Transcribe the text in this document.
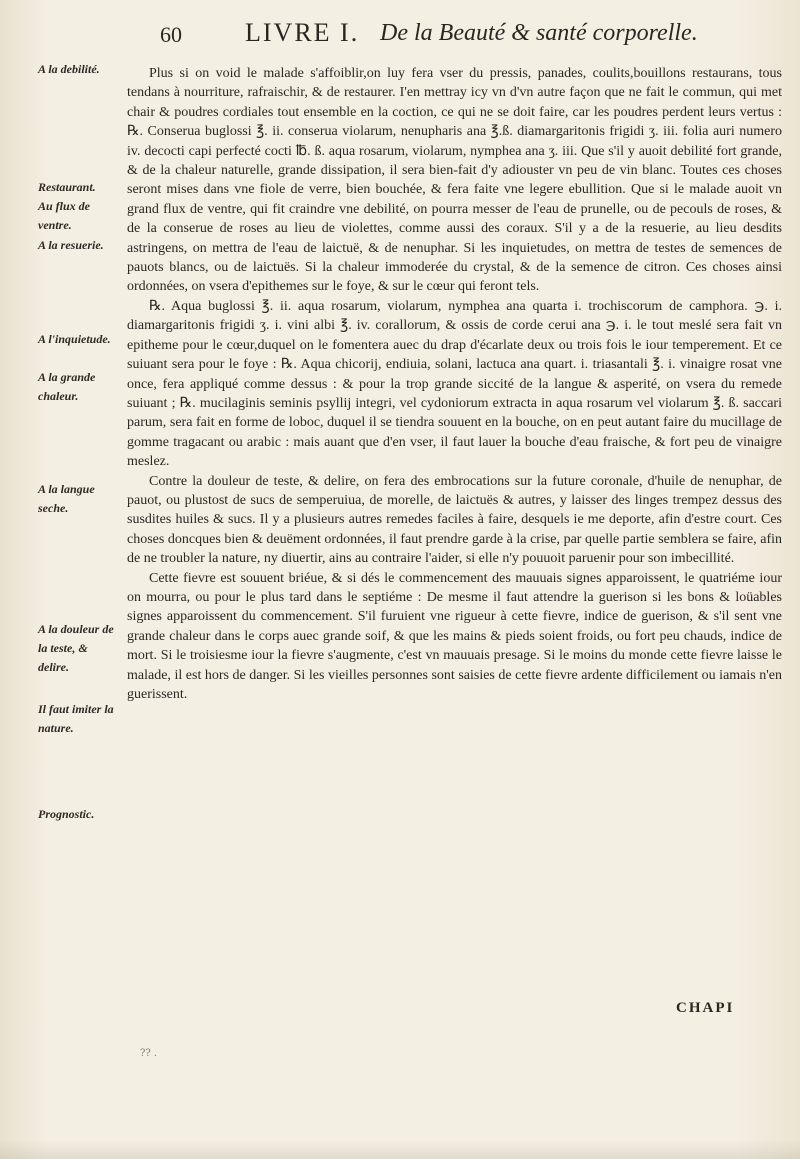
60 LIVRE I. De la Beauté & santé corporelle.
A la debilité.
Restaurant.
Au flux de ventre.
A la resuerie.
A l'inquietude.
A la grande chaleur.
A la langue seche.
A la douleur de la teste, & delire.
Il faut imiter la nature.
Prognostic.

Plus si on void le malade s'affoiblir,on luy fera vser du pressis, panades, coulits,bouillons restaurans, tous tendans à nourriture, rafraischir, & de restaurer. I'en mettray icy vn d'vn autre façon que ne fait le commun, qui met chair & poudres cordiales tout ensemble en la coction, ce qui ne se doit faire, car les poudres perdent leurs vertus : ℞. Conserua buglossi ℥. ii. conserua violarum, nenupharis ana ℥.ß. diamargaritonis frigidi ʒ. iii. folia auri numero iv. decocti capi perfecté cocti ℔. ß. aqua rosarum, violarum, nymphea ana ʒ. iii. Que s'il y auoit debilité fort grande, & de la chaleur naturelle, grande dissipation, il sera bien-fait d'y adiouster vn peu de vin blanc. Toutes ces choses seront mises dans vne fiole de verre, bien bouchée, & fera faite vne legere ebullition. Que si le malade auoit vn grand flux de ventre, qui fit craindre vne debilité, on pourra messer de l'eau de prunelle, ou de pecouls de roses, & de la conserue de roses au lieu de violettes, comme aussi des coraux. S'il y a de la resuerie, au lieu desdits astringens, on mettra de l'eau de laictuë, & de nenuphar. Si les inquietudes, on mettra de testes de semences de pauots blancs, ou de laictuës. Si la chaleur immoderée du crystal, & de la semence de citron. Ces choses ainsi ordonnées, on vsera d'epithemes sur le foye, & sur le cœur qui feront tels.

℞. Aqua buglossi ℥. ii. aqua rosarum, violarum, nymphea ana quarta i. trochiscorum de camphora. ℈. i. diamargaritonis frigidi ʒ. i. vini albi ℥. iv. corallorum, & ossis de corde cerui ana ℈. i. le tout meslé sera fait vn epitheme pour le cœur,duquel on le fomentera auec du drap d'écarlate deux ou trois fois le iour temperement. Et ce suiuant sera pour le foye : ℞. Aqua chicorij, endiuia, solani, lactuca ana quart. i. triasantali ℥. i. vinaigre rosat vne once, fera appliqué comme dessus : & pour la trop grande siccité de la langue & asperité, on vsera du remede suiuant ; ℞. mucilaginis seminis psyllij integri, vel cydoniorum extracta in aqua rosarum vel violarum ℥. ß. saccari parum, sera fait en forme de loboc, duquel il se tiendra souuent en la bouche, on en peut autant faire du mucillage de gomme tragacant ou arabic : mais auant que d'en vser, il faut lauer la bouche d'eau fraische, & fort peu de vinaigre meslez.

Contre la douleur de teste, & delire, on fera des embrocations sur la future coronale, d'huile de nenuphar, de pauot, ou plustost de sucs de semperuiua, de morelle, de laictuës & autres, y laisser des linges trempez dessus des susdites huiles & sucs. Il y a plusieurs autres remedes faciles à faire, desquels ie me deporte, afin d'estre court. Ces choses doncques bien & deuëment ordonnées, il faut prendre garde à la crise, par quelle partie semblera se faire, afin de ne troubler la nature, ny diuertir, ains au contraire l'aider, si elle n'y pouuoit paruenir pour son imbecillité.

Cette fievre est souuent briéue, & si dés le commencement des mauuais signes apparoissent, le quatriéme iour on mourra, ou pour le plus tard dans le septiéme : De mesme il faut attendre la guerison si les bons & loüables signes apparoissent du commencement. S'il furuient vne rigueur à cette fievre, indice de guerison, & s'il sent vne grande chaleur dans le corps auec grande soif, & que les mains & pieds soient froids, ou fort peu chauds, indice de mort. Si le troisiesme iour la fievre s'augmente, c'est vn mauuais presage. Si le moins du monde cette fievre laisse le malade, il est hors de danger. Si les vieilles personnes sont saisies de cette fievre ardente difficilement ou iamais n'en guerissent.

CHAPI
?? .
